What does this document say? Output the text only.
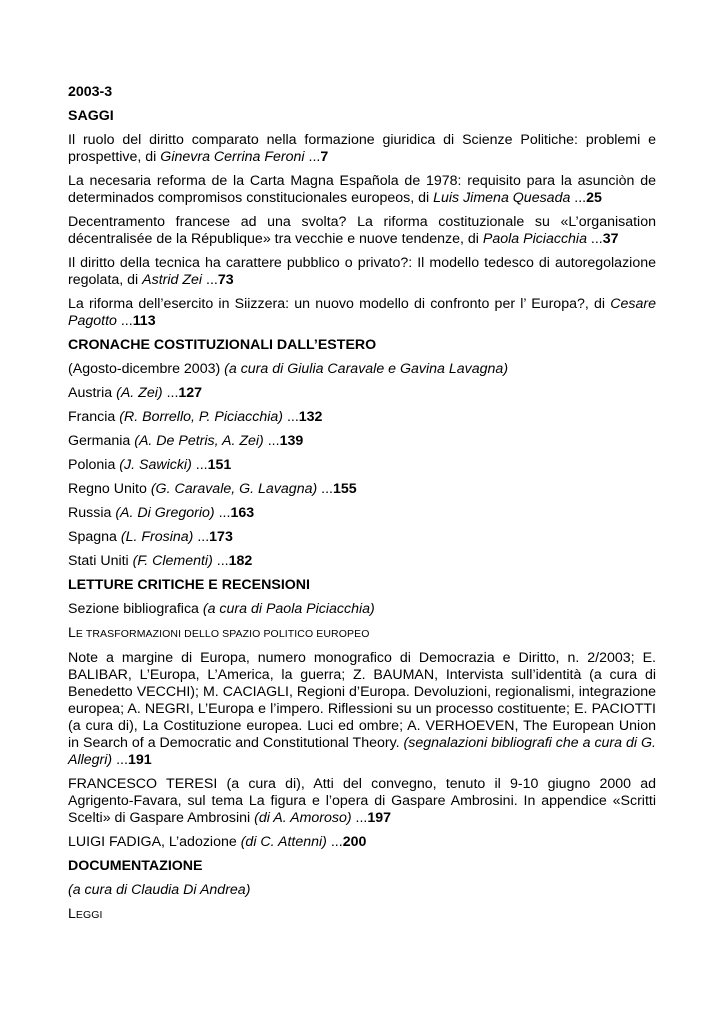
2003-3
SAGGI

Il ruolo del diritto comparato nella formazione giuridica di Scienze Politiche: problemi e prospettive, di Ginevra Cerrina Feroni ...7

La necesaria reforma de la Carta Magna Española de 1978: requisito para la asunciòn de determinados compromisos constitucionales europeos, di Luis Jimena Quesada ...25

Decentramento francese ad una svolta? La riforma costituzionale su «L’organisation décentralisée de la République» tra vecchie e nuove tendenze, di Paola Piciacchia ...37

Il diritto della tecnica ha carattere pubblico o privato?: Il modello tedesco di autoregolazione regolata, di Astrid Zei ...73

La riforma dell’esercito in Siizzera: un nuovo modello di confronto per l’ Europa?, di Cesare Pagotto ...113

CRONACHE COSTITUZIONALI DALL’ESTERO

(Agosto-dicembre 2003) (a cura di Giulia Caravale e Gavina Lavagna)

Austria (A. Zei) ...127

Francia (R. Borrello, P. Piciacchia) ...132

Germania (A. De Petris, A. Zei) ...139

Polonia (J. Sawicki) ...151

Regno Unito (G. Caravale, G. Lavagna) ...155

Russia (A. Di Gregorio) ...163

Spagna (L. Frosina) ...173

Stati Uniti (F. Clementi) ...182

LETTURE CRITICHE E RECENSIONI

Sezione bibliografica (a cura di Paola Piciacchia)

LE TRASFORMAZIONI DELLO SPAZIO POLITICO EUROPEO

Note a margine di Europa, numero monografico di Democrazia e Diritto, n. 2/2003; E. BALIBAR, L’Europa, L’America, la guerra; Z. BAUMAN, Intervista sull’identità (a cura di Benedetto VECCHI); M. CACIAGLI, Regioni d’Europa. Devoluzioni, regionalismi, integrazione europea; A. NEGRI, L’Europa e l’impero. Riflessioni su un processo costituente; E. PACIOTTI (a cura di), La Costituzione europea. Luci ed ombre; A. VERHOEVEN, The European Union in Search of a Democratic and Constitutional Theory. (segnalazioni bibliografi che a cura di G. Allegri) ...191

FRANCESCO TERESI (a cura di), Atti del convegno, tenuto il 9-10 giugno 2000 ad Agrigento-Favara, sul tema La figura e l’opera di Gaspare Ambrosini. In appendice «Scritti Scelti» di Gaspare Ambrosini (di A. Amoroso) ...197

LUIGI FADIGA, L’adozione (di C. Attenni) ...200

DOCUMENTAZIONE

(a cura di Claudia Di Andrea)

LEGGI
